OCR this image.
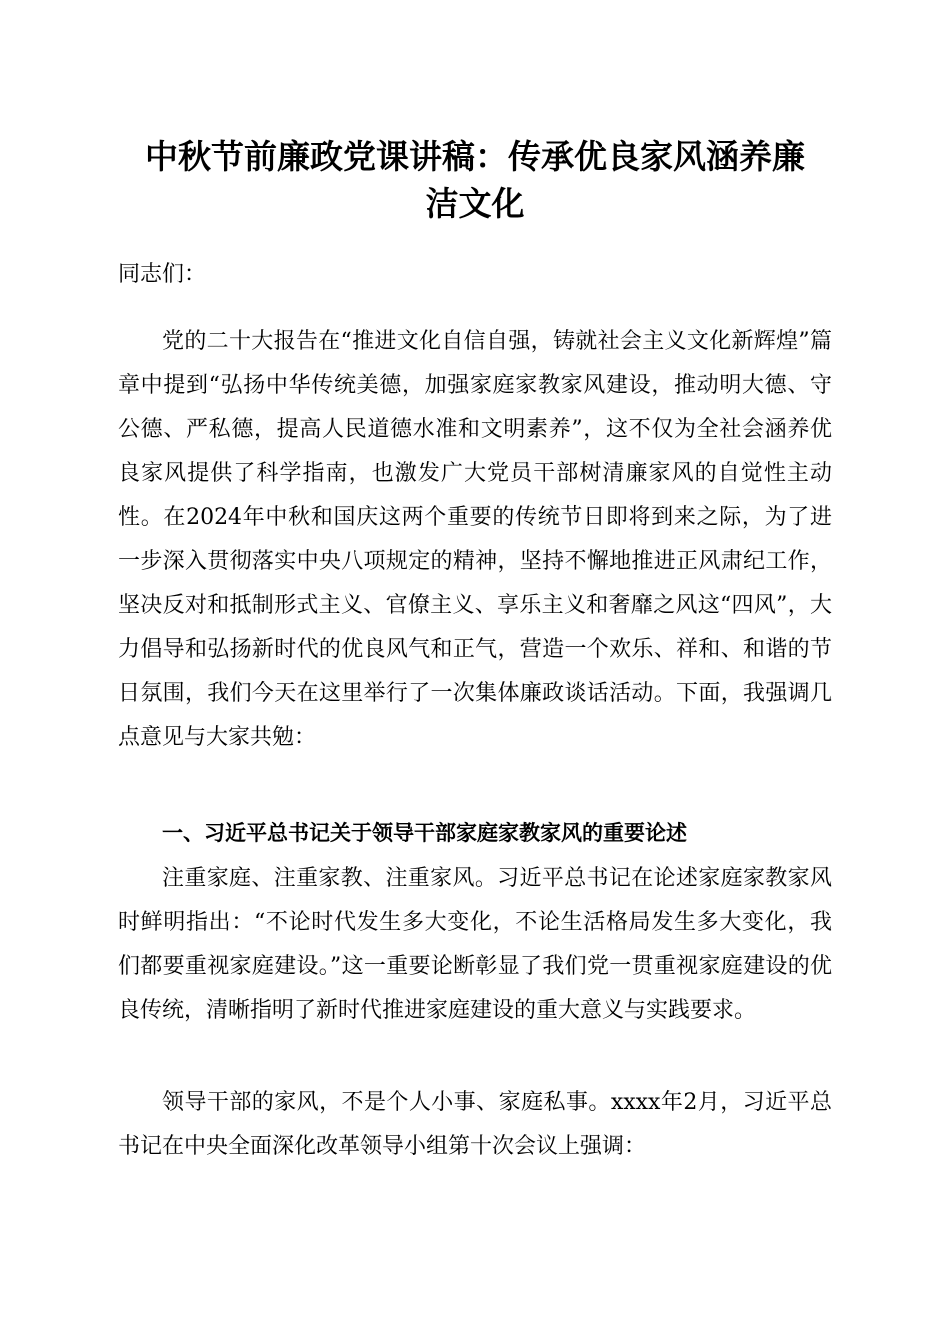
中秋节前廉政党课讲稿：传承优良家风涵养廉
洁文化

同志们：

党的二十大报告在“推进文化自信自强，铸就社会主义文化新辉煌”篇章中提到“弘扬中华传统美德，加强家庭家教家风建设，推动明大德、守公德、严私德，提高人民道德水准和文明素养”，这不仅为全社会涵养优良家风提供了科学指南，也激发广大党员干部树清廉家风的自觉性主动性。在2024年中秋和国庆这两个重要的传统节日即将到来之际，为了进一步深入贯彻落实中央八项规定的精神，坚持不懈地推进正风肃纪工作，坚决反对和抵制形式主义、官僚主义、享乐主义和奢靡之风这“四风”，大力倡导和弘扬新时代的优良风气和正气，营造一个欢乐、祥和、和谐的节日氛围，我们今天在这里举行了一次集体廉政谈话活动。下面，我强调几点意见与大家共勉：

一、习近平总书记关于领导干部家庭家教家风的重要论述

注重家庭、注重家教、注重家风。习近平总书记在论述家庭家教家风时鲜明指出：“不论时代发生多大变化，不论生活格局发生多大变化，我们都要重视家庭建设。”这一重要论断彰显了我们党一贯重视家庭建设的优良传统，清晰指明了新时代推进家庭建设的重大意义与实践要求。

领导干部的家风，不是个人小事、家庭私事。xxxx年2月，习近平总书记在中央全面深化改革领导小组第十次会议上强调：
